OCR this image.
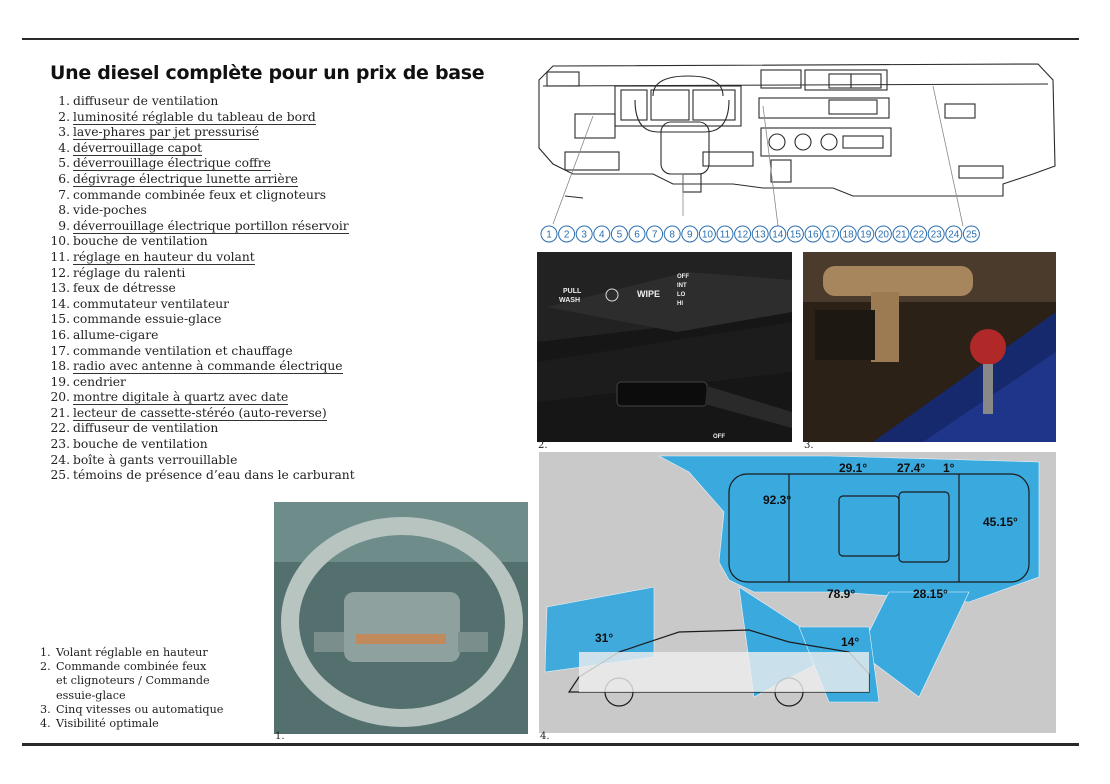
Une diesel complète pour un prix de base
1. diffuseur de ventilation
2. luminosité réglable du tableau de bord
3. lave-phares par jet pressurisé
4. déverrouillage capot
5. déverrouillage électrique coffre
6. dégivrage électrique lunette arrière
7. commande combinée feux et clignoteurs
8. vide-poches
9. déverrouillage électrique portillon réservoir
10. bouche de ventilation
11. réglage en hauteur du volant
12. réglage du ralenti
13. feux de détresse
14. commutateur ventilateur
15. commande essuie-glace
16. allume-cigare
17. commande ventilation et chauffage
18. radio avec antenne à commande électrique
19. cendrier
20. montre digitale à quartz avec date
21. lecteur de cassette-stéréo (auto-reverse)
22. diffuseur de ventilation
23. bouche de ventilation
24. boîte à gants verrouillable
25. témoins de présence d’eau dans le carburant
1 2 3 4 5 6 7 8 9 10 11 12 13 14 15 16 17 18 19 20 21 22 23 24 25
PULL
WASH
WIPE
OFF
INT
LO
HI
OFF
2.	3.
1.
29.1° 27.4° 1°
92.3°
45.15°
78.9°	28.15°
31°	14°
4.
1. Volant réglable en hauteur
2. Commande combinée feux
et clignoteurs / Commande
essuie-glace
3. Cinq vitesses ou automatique
4. Visibilité optimale
